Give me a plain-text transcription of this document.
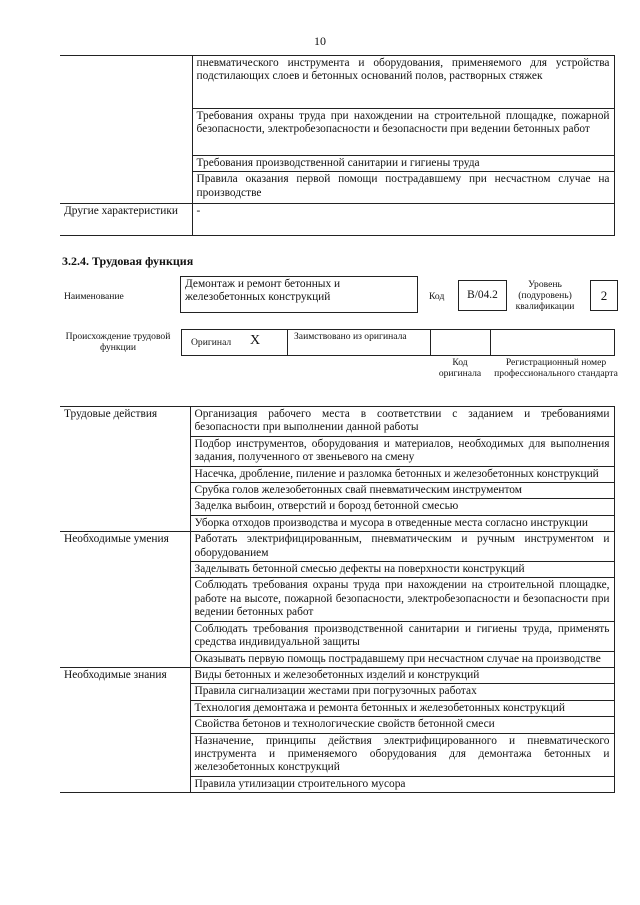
10
	пневматического инструмента и оборудования, применяемого для устройства подстилающих слоев и бетонных оснований полов, растворных стяжек
	Требования охраны труда при нахождении на строительной площадке, пожарной безопасности, электробезопасности и безопасности при ведении бетонных работ
	Требования производственной санитарии и гигиены труда
	Правила оказания первой помощи пострадавшему при несчастном случае на производстве
Другие характеристики	-
3.2.4. Трудовая функция
Наименование
Демонтаж и ремонт бетонных и железобетонных конструкций	Код	B/04.2
Уровень (подуровень) квалификации
2
Происхождение трудовой функции	Оригинал X	Заимствовано из оригинала
Код оригинала
Регистрационный номер профессионального стандарта
Трудовые действия	Организация рабочего места в соответствии с заданием и требованиями безопасности при выполнении данной работы
	Подбор инструментов, оборудования и материалов, необходимых для выполнения задания, полученного от звеньевого на смену
	Насечка, дробление, пиление и разломка бетонных и железобетонных конструкций
	Срубка голов железобетонных свай пневматическим инструментом
	Заделка выбоин, отверстий и борозд бетонной смесью
	Уборка отходов производства и мусора в отведенные места согласно инструкции
Необходимые умения	Работать электрифицированным, пневматическим и ручным инструментом и оборудованием
	Заделывать бетонной смесью дефекты на поверхности конструкций
	Соблюдать требования охраны труда при нахождении на строительной площадке, работе на высоте, пожарной безопасности, электробезопасности и безопасности при ведении бетонных работ
	Соблюдать требования производственной санитарии и гигиены труда, применять средства индивидуальной защиты
	Оказывать первую помощь пострадавшему при несчастном случае на производстве
Необходимые знания	Виды бетонных и железобетонных изделий и конструкций
	Правила сигнализации жестами при погрузочных работах
	Технология демонтажа и ремонта бетонных и железобетонных конструкций
	Свойства бетонов и технологические свойств бетонной смеси
	Назначение, принципы действия электрифицированного и пневматического инструмента и применяемого оборудования для демонтажа бетонных и железобетонных конструкций
	Правила утилизации строительного мусора
